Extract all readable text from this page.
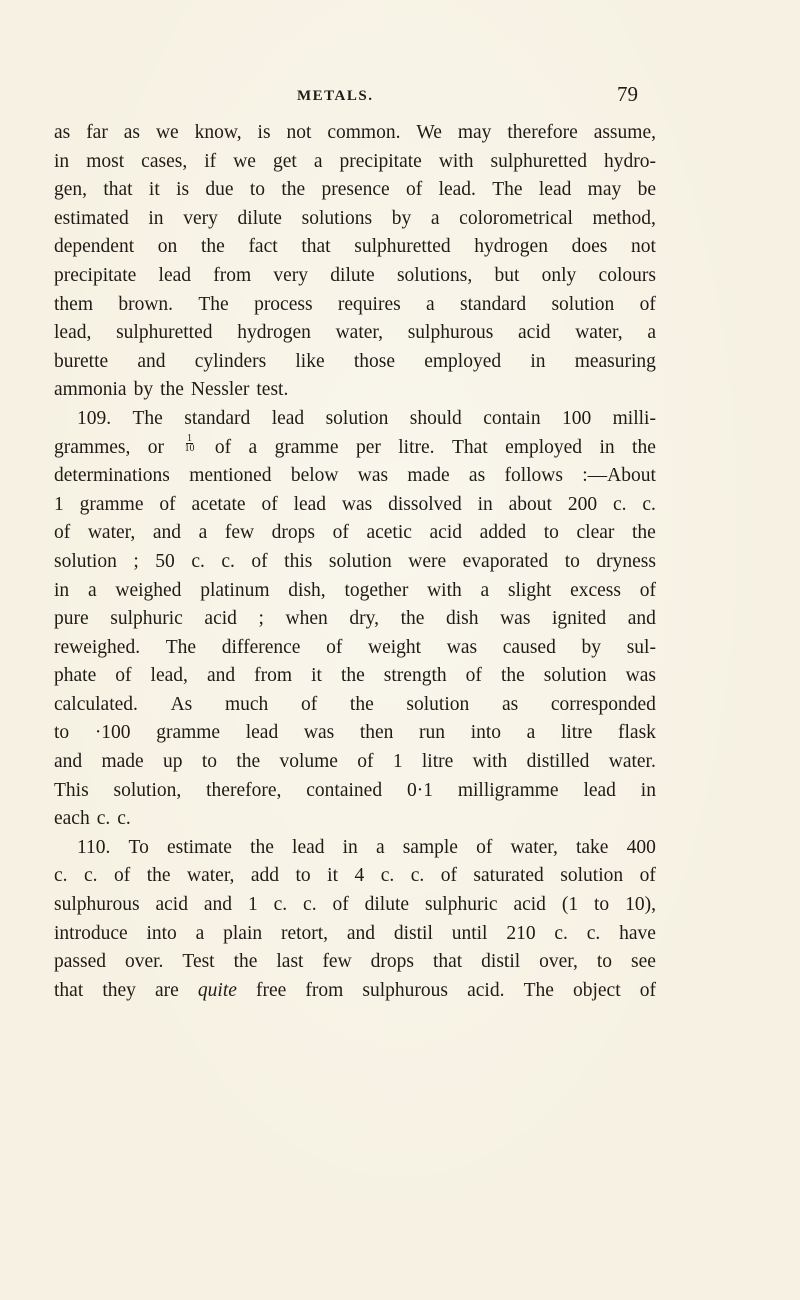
METALS.	79
as far as we know, is not common. We may therefore assume,
in most cases, if we get a precipitate with sulphuretted hydro-
gen, that it is due to the presence of lead. The lead may be
estimated in very dilute solutions by a colorometrical method,
dependent on the fact that sulphuretted hydrogen does not
precipitate lead from very dilute solutions, but only colours
them brown. The process requires a standard solution of
lead, sulphuretted hydrogen water, sulphurous acid water, a
burette and cylinders like those employed in measuring
ammonia by the Nessler test.
109. The standard lead solution should contain 100 milli-
grammes, or $\frac{1}{10}$ of a gramme per litre. That employed in the
determinations mentioned below was made as follows :—About
1 gramme of acetate of lead was dissolved in about 200 c. c.
of water, and a few drops of acetic acid added to clear the
solution ; 50 c. c. of this solution were evaporated to dryness
in a weighed platinum dish, together with a slight excess of
pure sulphuric acid ; when dry, the dish was ignited and
reweighed. The difference of weight was caused by sul-
phate of lead, and from it the strength of the solution was
calculated. As much of the solution as corresponded
to ·100 gramme lead was then run into a litre flask
and made up to the volume of 1 litre with distilled water.
This solution, therefore, contained 0·1 milligramme lead in
each c. c.
110. To estimate the lead in a sample of water, take 400
c. c. of the water, add to it 4 c. c. of saturated solution of
sulphurous acid and 1 c. c. of dilute sulphuric acid (1 to 10),
introduce into a plain retort, and distil until 210 c. c. have
passed over. Test the last few drops that distil over, to see
that they are quite free from sulphurous acid. The object of
